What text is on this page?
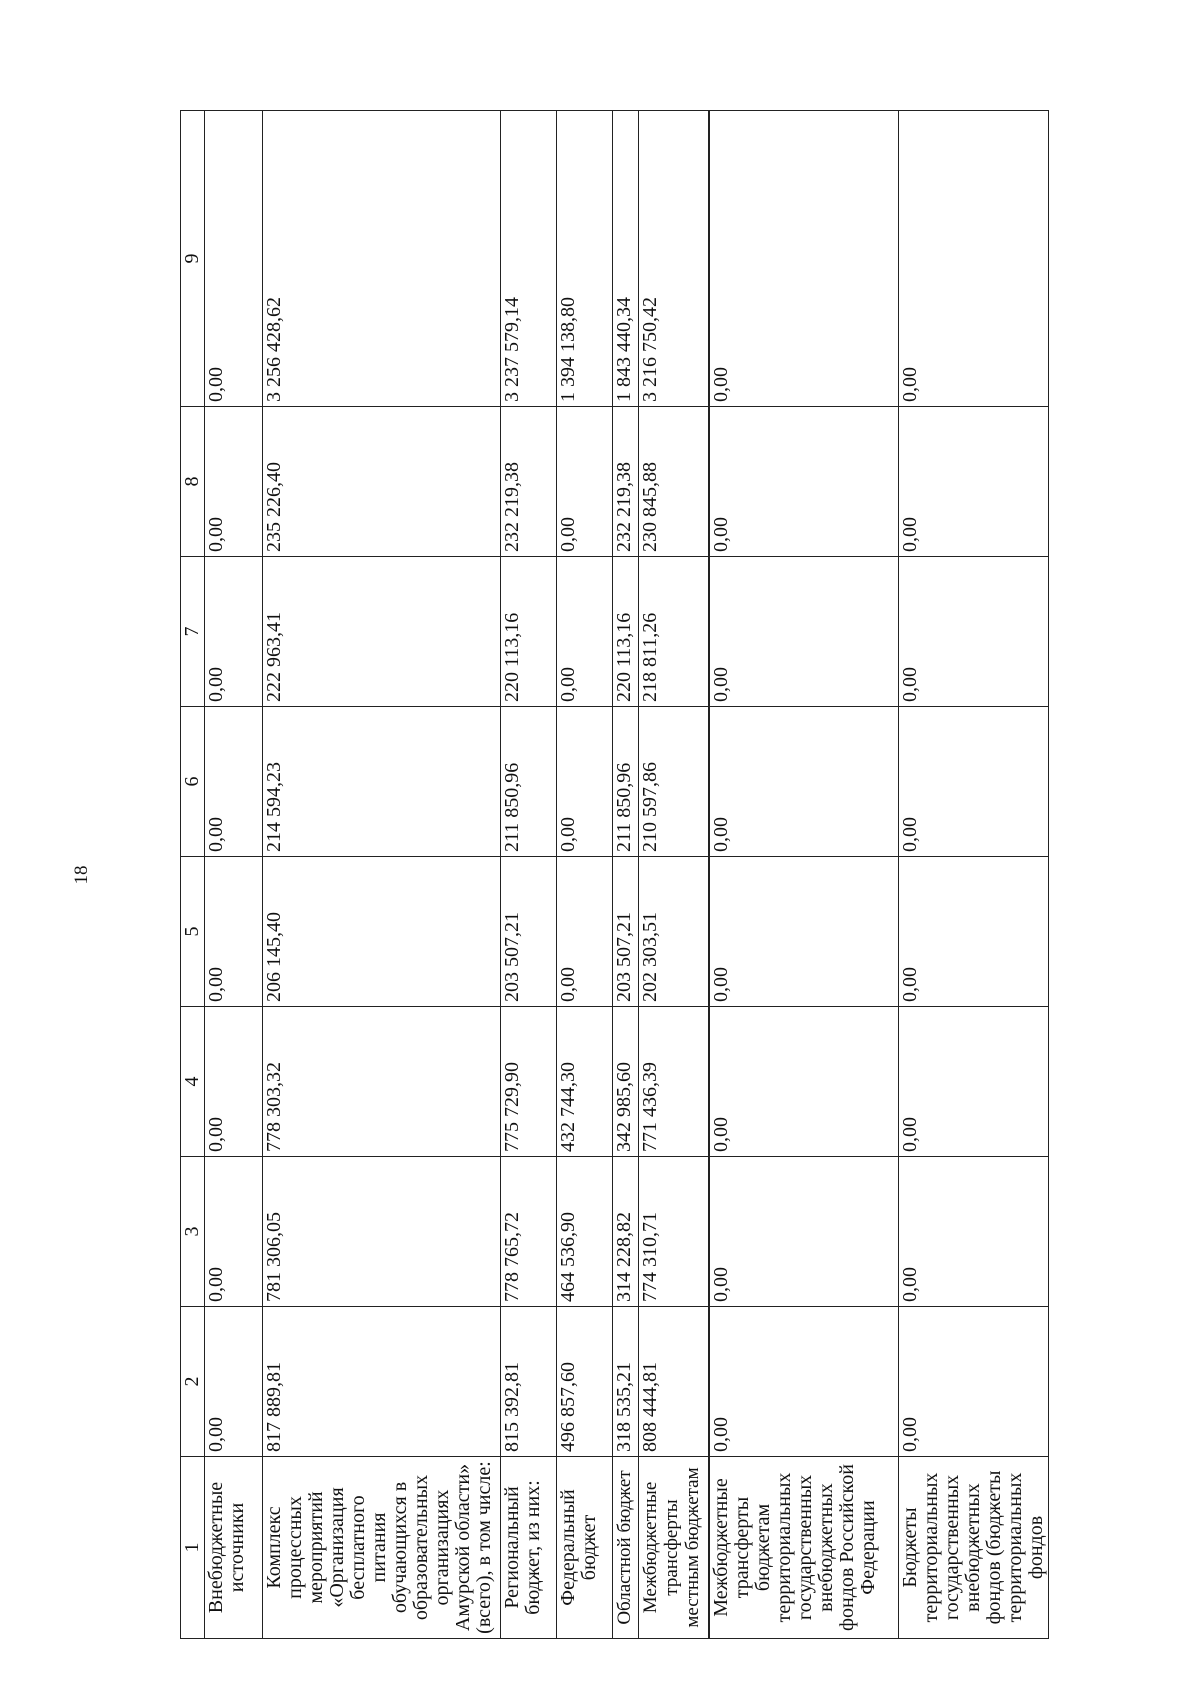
18
1	2	3	4	5	6	7	8	9
Внебюджетные источники	0,00	0,00	0,00	0,00	0,00	0,00	0,00	0,00
Комплекс процессных мероприятий «Организация бесплатного питания обучающихся в образовательных организациях Амурской области» (всего), в том числе:	817 889,81	781 306,05	778 303,32	206 145,40	214 594,23	222 963,41	235 226,40	3 256 428,62
Региональный бюджет, из них:	815 392,81	778 765,72	775 729,90	203 507,21	211 850,96	220 113,16	232 219,38	3 237 579,14
Федеральный бюджет	496 857,60	464 536,90	432 744,30	0,00	0,00	0,00	0,00	1 394 138,80
Областной бюджет	318 535,21	314 228,82	342 985,60	203 507,21	211 850,96	220 113,16	232 219,38	1 843 440,34
Межбюджетные трансферты местным бюджетам	808 444,81	774 310,71	771 436,39	202 303,51	210 597,86	218 811,26	230 845,88	3 216 750,42
Межбюджетные трансферты бюджетам территориальных государственных внебюджетных фондов Российской Федерации	0,00	0,00	0,00	0,00	0,00	0,00	0,00	0,00
Бюджеты территориальных государственных внебюджетных фондов (бюджеты территориальных фондов	0,00	0,00	0,00	0,00	0,00	0,00	0,00	0,00
